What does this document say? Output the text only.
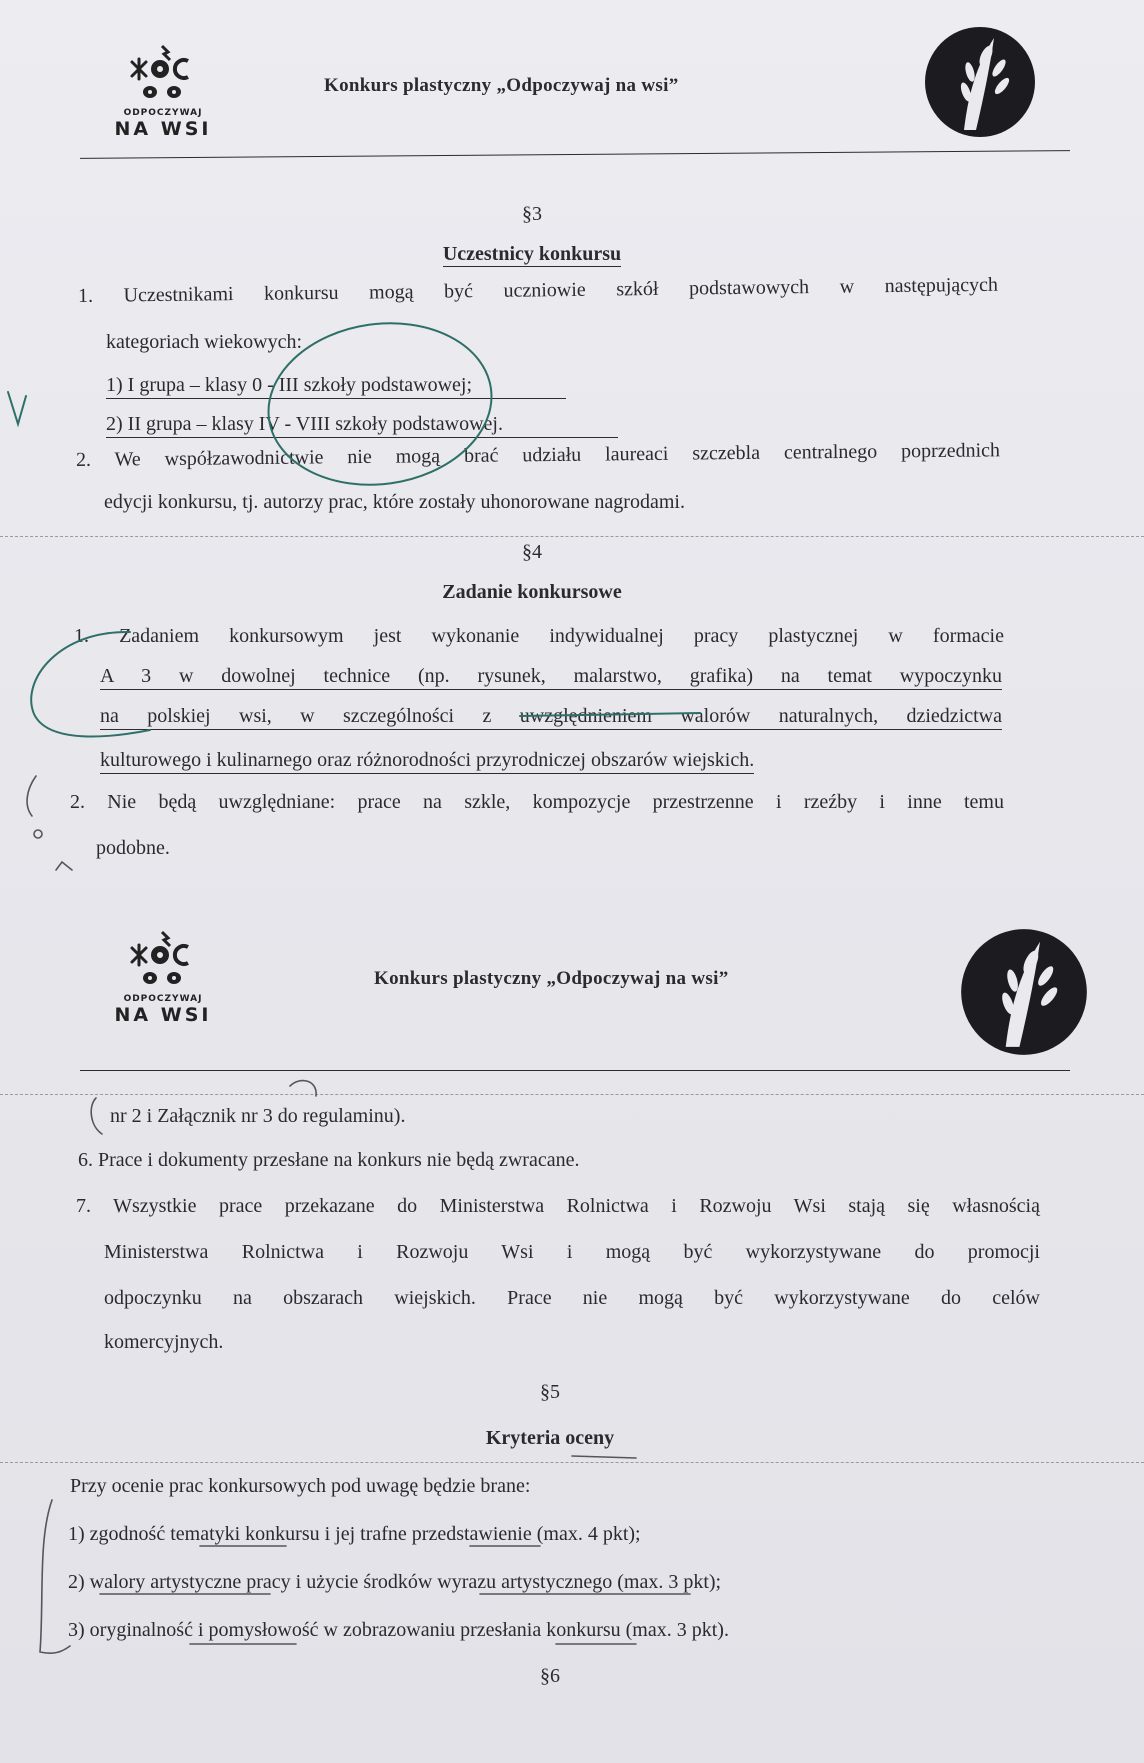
ODPOCZYWAJ
NA WSI
Konkurs plastyczny „Odpoczywaj na wsi”
§3
Uczestnicy konkursu
1. Uczestnikami konkursu mogą być uczniowie szkół podstawowych w następujących
kategoriach wiekowych:
1) I grupa – klasy 0 - III szkoły podstawowej;
2) II grupa – klasy IV - VIII szkoły podstawowej.
2. We współzawodnictwie nie mogą brać udziału laureaci szczebla centralnego poprzednich
edycji konkursu, tj. autorzy prac, które zostały uhonorowane nagrodami.
§4
Zadanie konkursowe
1. Zadaniem konkursowym jest wykonanie indywidualnej pracy plastycznej w formacie
A 3 w dowolnej technice (np. rysunek, malarstwo, grafika) na temat wypoczynku
na polskiej wsi, w szczególności z uwzględnieniem walorów naturalnych, dziedzictwa
kulturowego i kulinarnego oraz różnorodności przyrodniczej obszarów wiejskich.
2. Nie będą uwzględniane: prace na szkle, kompozycje przestrzenne i rzeźby i inne temu
podobne.
ODPOCZYWAJ
NA WSI
Konkurs plastyczny „Odpoczywaj na wsi”
nr 2 i Załącznik nr 3 do regulaminu).
6. Prace i dokumenty przesłane na konkurs nie będą zwracane.
7. Wszystkie prace przekazane do Ministerstwa Rolnictwa i Rozwoju Wsi stają się własnością
Ministerstwa Rolnictwa i Rozwoju Wsi i mogą być wykorzystywane do promocji
odpoczynku na obszarach wiejskich. Prace nie mogą być wykorzystywane do celów
komercyjnych.
§5
Kryteria oceny
Przy ocenie prac konkursowych pod uwagę będzie brane:
1) zgodność tematyki konkursu i jej trafne przedstawienie (max. 4 pkt);
2) walory artystyczne pracy i użycie środków wyrazu artystycznego (max. 3 pkt);
3) oryginalność i pomysłowość w zobrazowaniu przesłania konkursu (max. 3 pkt).
§6
